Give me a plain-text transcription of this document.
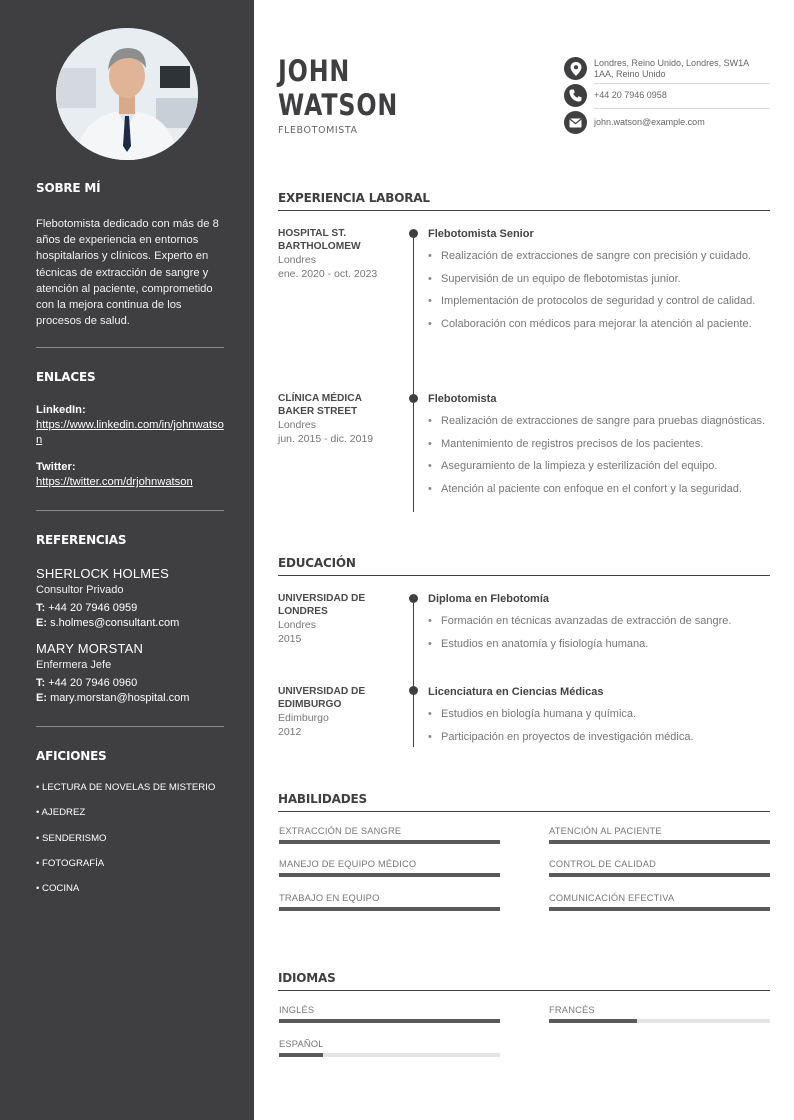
SOBRE MÍ
Flebotomista dedicado con más de 8 años de experiencia en entornos hospitalarios y clínicos. Experto en técnicas de extracción de sangre y atención al paciente, comprometido con la mejora continua de los procesos de salud.
ENLACES
LinkedIn:
https://www.linkedin.com/in/johnwatson
Twitter:
https://twitter.com/drjohnwatson
REFERENCIAS
SHERLOCK HOLMES
Consultor Privado
T: +44 20 7946 0959
E: s.holmes@consultant.com
MARY MORSTAN
Enfermera Jefe
T: +44 20 7946 0960
E: mary.morstan@hospital.com
AFICIONES
• LECTURA DE NOVELAS DE MISTERIO
• AJEDREZ
• SENDERISMO
• FOTOGRAFÍA
• COCINA
JOHN
WATSON
FLEBOTOMISTA
Londres, Reino Unido, Londres, SW1A 1AA, Reino Unido
+44 20 7946 0958
john.watson@example.com
EXPERIENCIA LABORAL
HOSPITAL ST. BARTHOLOMEW
Londres
ene. 2020 - oct. 2023
Flebotomista Senior
• Realización de extracciones de sangre con precisión y cuidado.
• Supervisión de un equipo de flebotomistas junior.
• Implementación de protocolos de seguridad y control de calidad.
• Colaboración con médicos para mejorar la atención al paciente.
CLÍNICA MÉDICA BAKER STREET
Londres
jun. 2015 - dic. 2019
Flebotomista
• Realización de extracciones de sangre para pruebas diagnósticas.
• Mantenimiento de registros precisos de los pacientes.
• Aseguramiento de la limpieza y esterilización del equipo.
• Atención al paciente con enfoque en el confort y la seguridad.
EDUCACIÓN
UNIVERSIDAD DE LONDRES
Londres
2015
Diploma en Flebotomía
• Formación en técnicas avanzadas de extracción de sangre.
• Estudios en anatomía y fisiología humana.
UNIVERSIDAD DE EDIMBURGO
Edimburgo
2012
Licenciatura en Ciencias Médicas
• Estudios en biología humana y química.
• Participación en proyectos de investigación médica.
HABILIDADES
EXTRACCIÓN DE SANGRE	ATENCIÓN AL PACIENTE
MANEJO DE EQUIPO MÉDICO	CONTROL DE CALIDAD
TRABAJO EN EQUIPO	COMUNICACIÓN EFECTIVA
IDIOMAS
INGLÉS	FRANCÉS
ESPAÑOL
